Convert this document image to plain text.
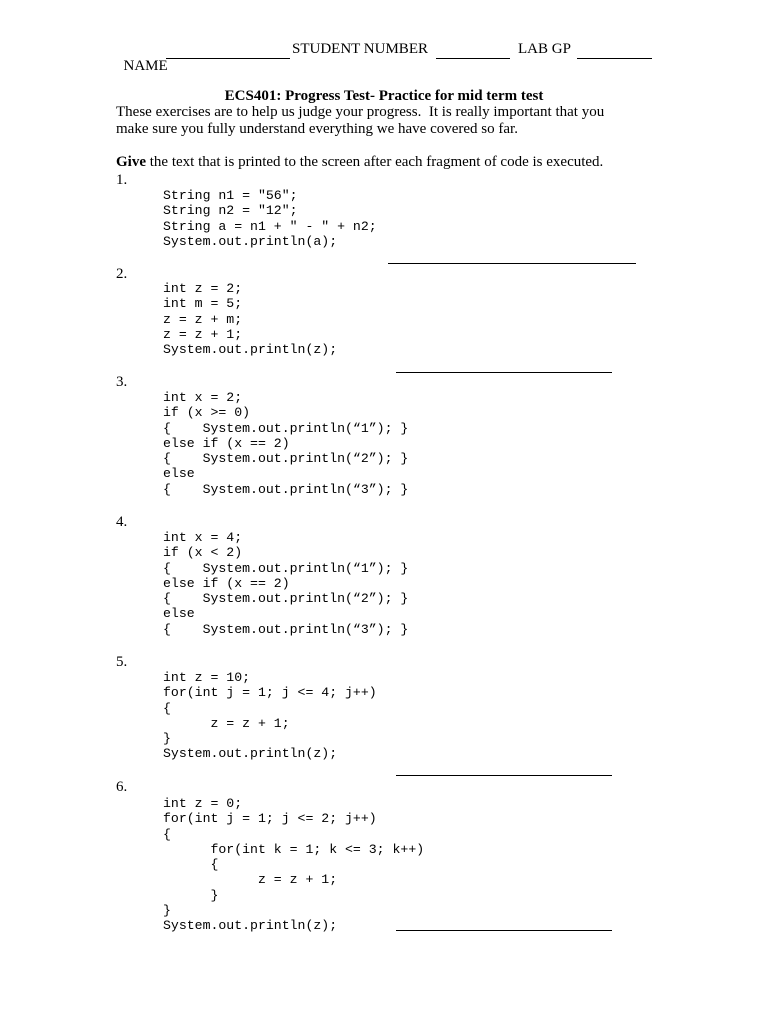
NAME

STUDENT NUMBER	LAB GP
ECS401: Progress Test- Practice for mid term test
These exercises are to help us judge your progress.  It is really important that you
make sure you fully understand everything we have covered so far.
Give the text that is printed to the screen after each fragment of code is executed.
1.
String n1 = "56";
String n2 = "12";
String a = n1 + " - " + n2;
System.out.println(a);
2.
int z = 2;
int m = 5;
z = z + m;
z = z + 1;
System.out.println(z);
3.
int x = 2;
if (x >= 0)
{    System.out.println(“1”); }
else if (x == 2)
{    System.out.println(“2”); }
else
{    System.out.println(“3”); }
4.
int x = 4;
if (x < 2)
{    System.out.println(“1”); }
else if (x == 2)
{    System.out.println(“2”); }
else
{    System.out.println(“3”); }
5.
int z = 10;
for(int j = 1; j <= 4; j++)
{
z = z + 1;
}
System.out.println(z);
6.
int z = 0;
for(int j = 1; j <= 2; j++)
{
for(int k = 1; k <= 3; k++)
{
z = z + 1;
}
}
System.out.println(z);
